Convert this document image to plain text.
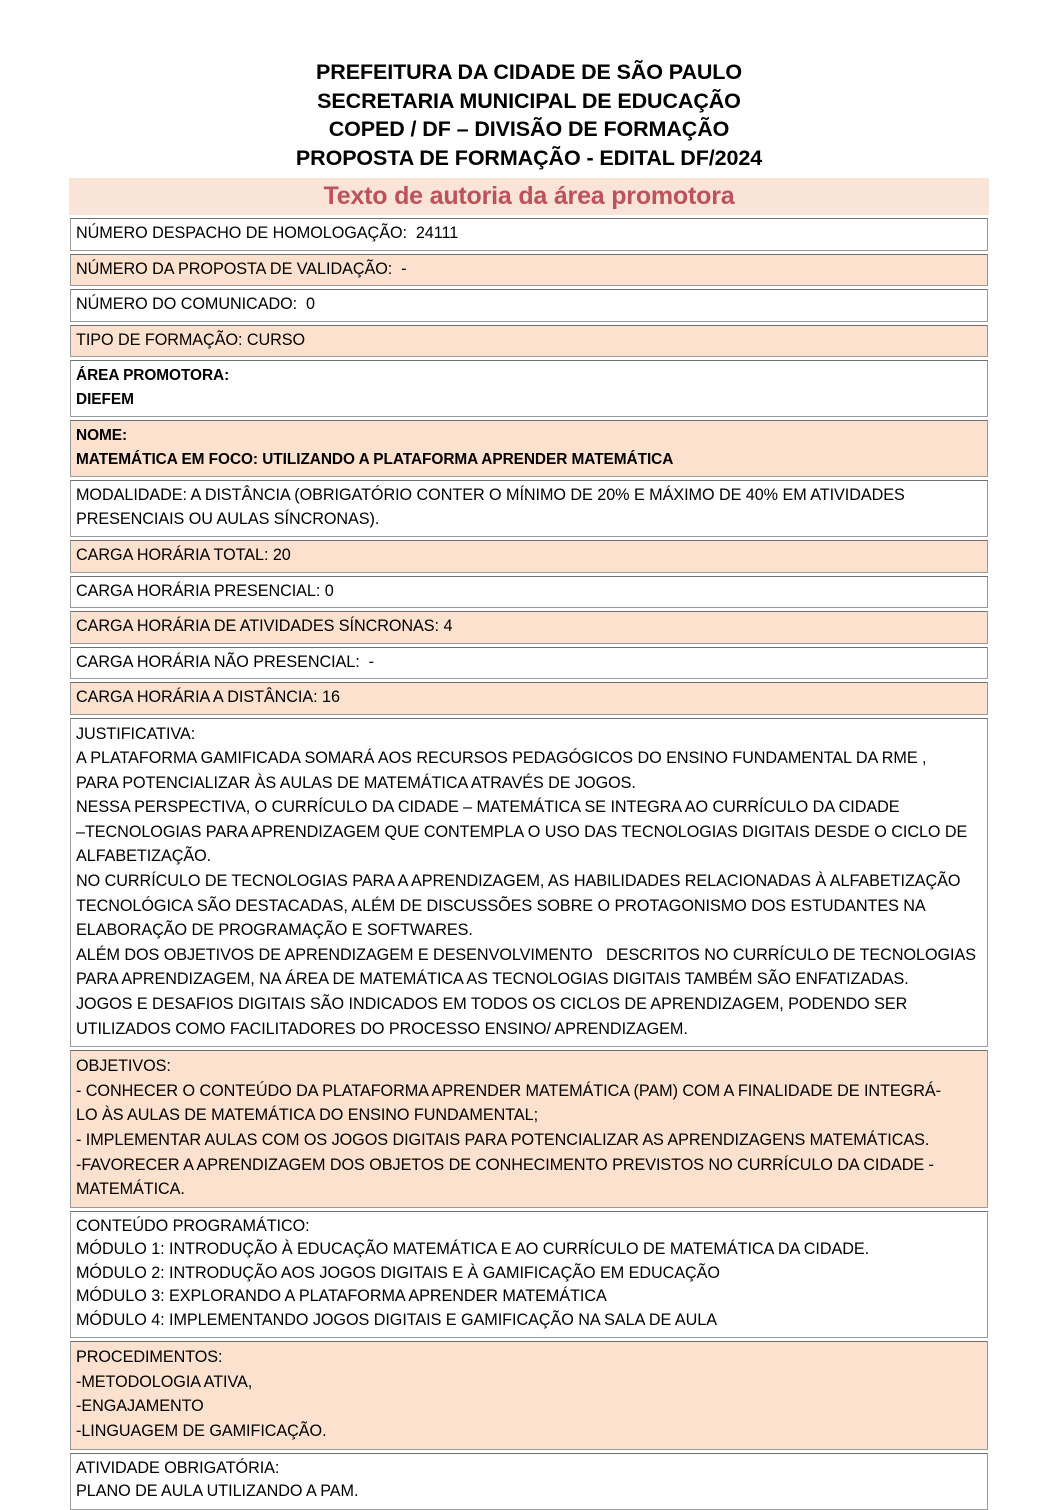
PREFEITURA DA CIDADE DE SÃO PAULO
SECRETARIA MUNICIPAL DE EDUCAÇÃO
COPED / DF – DIVISÃO DE FORMAÇÃO
PROPOSTA DE FORMAÇÃO - EDITAL DF/2024
Texto de autoria da área promotora
NÚMERO DESPACHO DE HOMOLOGAÇÃO:  24111
NÚMERO DA PROPOSTA DE VALIDAÇÃO:  -
NÚMERO DO COMUNICADO:  0
TIPO DE FORMAÇÃO: CURSO
ÁREA PROMOTORA:
DIEFEM
NOME:
MATEMÁTICA EM FOCO: UTILIZANDO A PLATAFORMA APRENDER MATEMÁTICA
MODALIDADE: A DISTÂNCIA (OBRIGATÓRIO CONTER O MÍNIMO DE 20% E MÁXIMO DE 40% EM ATIVIDADES
PRESENCIAIS OU AULAS SÍNCRONAS).
CARGA HORÁRIA TOTAL: 20
CARGA HORÁRIA PRESENCIAL: 0
CARGA HORÁRIA DE ATIVIDADES SÍNCRONAS: 4
CARGA HORÁRIA NÃO PRESENCIAL:  -
CARGA HORÁRIA A DISTÂNCIA: 16
JUSTIFICATIVA:
A PLATAFORMA GAMIFICADA SOMARÁ AOS RECURSOS PEDAGÓGICOS DO ENSINO FUNDAMENTAL DA RME ,
PARA POTENCIALIZAR ÀS AULAS DE MATEMÁTICA ATRAVÉS DE JOGOS.
NESSA PERSPECTIVA, O CURRÍCULO DA CIDADE – MATEMÁTICA SE INTEGRA AO CURRÍCULO DA CIDADE
–TECNOLOGIAS PARA APRENDIZAGEM QUE CONTEMPLA O USO DAS TECNOLOGIAS DIGITAIS DESDE O CICLO DE
ALFABETIZAÇÃO.
NO CURRÍCULO DE TECNOLOGIAS PARA A APRENDIZAGEM, AS HABILIDADES RELACIONADAS À ALFABETIZAÇÃO
TECNOLÓGICA SÃO DESTACADAS, ALÉM DE DISCUSSÕES SOBRE O PROTAGONISMO DOS ESTUDANTES NA
ELABORAÇÃO DE PROGRAMAÇÃO E SOFTWARES.
ALÉM DOS OBJETIVOS DE APRENDIZAGEM E DESENVOLVIMENTO   DESCRITOS NO CURRÍCULO DE TECNOLOGIAS
PARA APRENDIZAGEM, NA ÁREA DE MATEMÁTICA AS TECNOLOGIAS DIGITAIS TAMBÉM SÃO ENFATIZADAS.
JOGOS E DESAFIOS DIGITAIS SÃO INDICADOS EM TODOS OS CICLOS DE APRENDIZAGEM, PODENDO SER
UTILIZADOS COMO FACILITADORES DO PROCESSO ENSINO/ APRENDIZAGEM.
OBJETIVOS:
- CONHECER O CONTEÚDO DA PLATAFORMA APRENDER MATEMÁTICA (PAM) COM A FINALIDADE DE INTEGRÁ-
LO ÀS AULAS DE MATEMÁTICA DO ENSINO FUNDAMENTAL;
- IMPLEMENTAR AULAS COM OS JOGOS DIGITAIS PARA POTENCIALIZAR AS APRENDIZAGENS MATEMÁTICAS.
-FAVORECER A APRENDIZAGEM DOS OBJETOS DE CONHECIMENTO PREVISTOS NO CURRÍCULO DA CIDADE -
MATEMÁTICA.
CONTEÚDO PROGRAMÁTICO:
MÓDULO 1: INTRODUÇÃO À EDUCAÇÃO MATEMÁTICA E AO CURRÍCULO DE MATEMÁTICA DA CIDADE.
MÓDULO 2: INTRODUÇÃO AOS JOGOS DIGITAIS E À GAMIFICAÇÃO EM EDUCAÇÃO
MÓDULO 3: EXPLORANDO A PLATAFORMA APRENDER MATEMÁTICA
MÓDULO 4: IMPLEMENTANDO JOGOS DIGITAIS E GAMIFICAÇÃO NA SALA DE AULA
PROCEDIMENTOS:
-METODOLOGIA ATIVA,
-ENGAJAMENTO
-LINGUAGEM DE GAMIFICAÇÃO.
ATIVIDADE OBRIGATÓRIA:
PLANO DE AULA UTILIZANDO A PAM.
